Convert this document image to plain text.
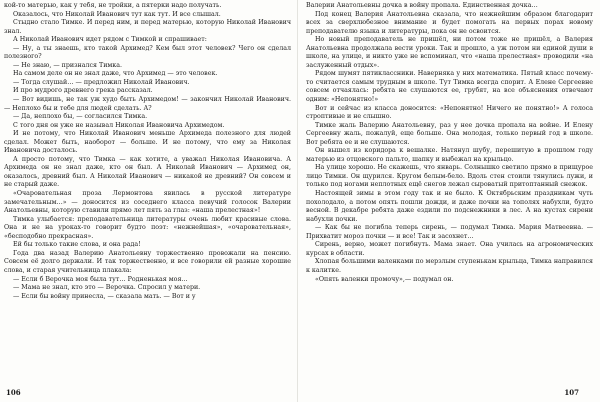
кой-то матерью, как у тебя, не тройки, а пятерки надо получать.

Оказалось, что Николай Иванович тут как тут. И все слышал.

Стыдно стало Тимке. И перед ним, и перед матерью, которую Николай Иванович знал.

А Николай Иванович идет рядом с Тимкой и спрашивает:

— Ну, а ты знаешь, кто такой Архимед? Кем был этот человек? Чего он сделал полезного?

— Не знаю, — признался Тимка.

На самом деле он не знал даже, что Архимед — это человек.

— Тогда слушай… — предложил Николай Иванович.

И про мудрого древнего грека рассказал.

— Вот видишь, не так уж худо быть Архимедом! — закончил Николай Иванович. — Неплохо бы и тебе для людей сделать. А?

— Да, неплохо бы, — согласился Тимка.

С того дня он уже не называл Николая Ивановича Архимедом.

И не потому, что Николай Иванович меньше Архимеда полезного для людей сделал. Может быть, наоборот — больше. И не потому, что ему за Николая Ивановича досталось.

А просто потому, что Тимка — как хотите, а уважал Николая Ивановича. А Архимеда он не знал даже, кто он был. А Николай Иванович — Архимед он, оказалось, древний был. А Николай Иванович — никакой не древний? Он совсем и не старый даже.

«Очаровательная проза Лермонтова явилась в русской литературе замечательным…» — доносится из соседнего класса певучий голосок Валерии Анатольевны, которую ставили прямо лет пять за глаз: «наша прелестная»!

Тимка улыбается: преподавательница литературы очень любит красивые слова. Она и не на уроках-то говорит будто поэт: «нежнейшая», «очаровательная», «бесподобно прекрасная».

Ей бы только такие слова, и она рада!

Года два назад Валерию Анатольевну торжественно провожали на пенсию. Совсем её долго держали. И так торжественно, и все говорили ей разные хорошие слова, и старая учительница плакала:

— Если б Верочка моя была тут… Родненькая моя…

— Мама не знал, кто это — Верочка. Спросил у матери.

— Если бы войну принесла, — сказала мать. — Вот и у

106

Валерии Анатольевны дочка в войну пропала. Единственная дочка…

Под конец Валерия Анатольевна сказала, что нежнейшим образом благодарит всех за сверхлюбезное внимание и будет помогать на первых порах новому преподавателю языка и литературы, пока он не освоится.

Но новый преподаватель не пришёл, ни потом тоже не пришёл, а Валерия Анатольевна продолжала вести уроки. Так и прошло, а уж потом ни единой души в школе, на улице, и никто уже не вспоминал, что «наша прелестная» проводили «на заслуженный отдых».

Рядом шумят пятиклассники. Наверняка у них математика. Пятый класс почему-то считается самым трудным в школе. Тут Тимка всегда спорит. А Елене Сергеевне совсем отчаялась: ребята не слушаются ее, грубят, на все объяснения отвечают одним: «Непонятно!»

Вот и сейчас из класса доносится: «Непонятно! Ничего не понятно!» А голоса строптивые и не слышно.

Тимке жаль Валерию Анатольевну, раз у нее дочка пропала на войне. И Елену Сергеевну жаль, пожалуй, еще больше. Она молодая, только первый год в школе. Вот ребята ее и не слушаются.

Он вышел из коридора к вешалке. Натянул шубу, перешитую в прошлом году матерью из отцовского пальто, шапку и выбежал на крыльцо.

На улице хорошо. Не скажешь, что январь. Солнышко светило прямо в прищурое лицо Тимки. Он щурился. Кругом белым-бело. Вдоль стен стоили тянулись лужи, и только под ногами неплотных ещё снегов лежал сыроватый притоптанный снежок.

Настоящей зимы в этом году так и не было. К Октябрьским праздникам чуть похолодало, а потом опять пошли дожди, и даже почки на тополях набухли, будто весной. В декабре ребята даже ездили по подснежники в лес. А на кустах сирени набухли почки.

— Как бы не погибла теперь сирень, — подумал Тимка. Мария Матвеевна. — Прихватит мороз почки — и все! Так и засохнет…

Сирень, верно, может погибнуть. Мама знает. Она училась на агрономических курсах в области.

Хлопая большими валенками по мерзлым ступенькам крыльца, Тимка направился к калитке.

«Опять валенки промочу»,— подумал он.

107
